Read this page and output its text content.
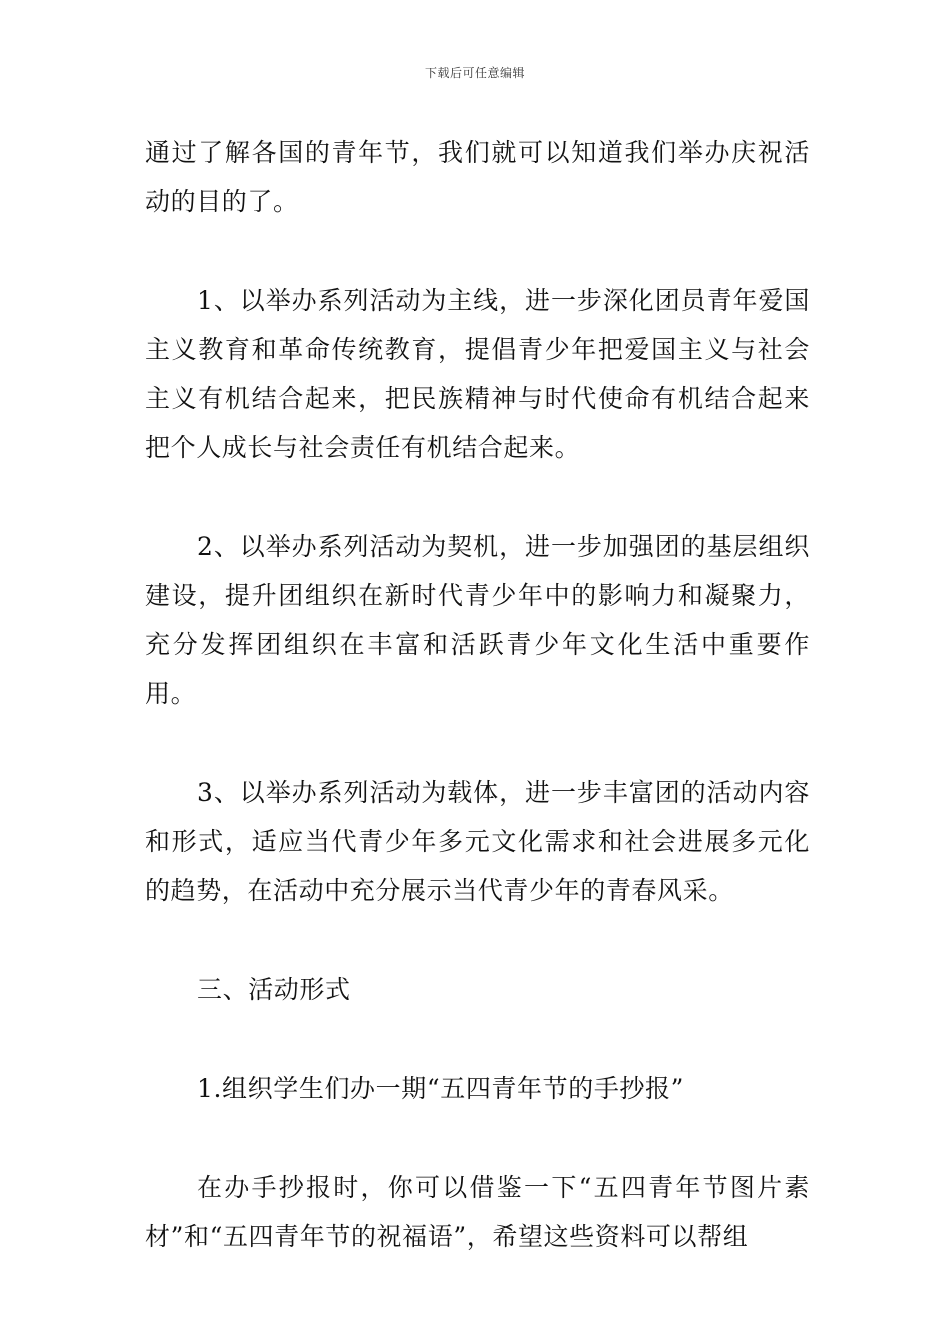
下载后可任意编辑

通过了解各国的青年节，我们就可以知道我们举办庆祝活动的目的了。

1、以举办系列活动为主线，进一步深化团员青年爱国主义教育和革命传统教育，提倡青少年把爱国主义与社会主义有机结合起来，把民族精神与时代使命有机结合起来把个人成长与社会责任有机结合起来。

2、以举办系列活动为契机，进一步加强团的基层组织建设，提升团组织在新时代青少年中的影响力和凝聚力，充分发挥团组织在丰富和活跃青少年文化生活中重要作用。

3、以举办系列活动为载体，进一步丰富团的活动内容和形式，适应当代青少年多元文化需求和社会进展多元化的趋势，在活动中充分展示当代青少年的青春风采。

三、活动形式

1.组织学生们办一期“五四青年节的手抄报”

在办手抄报时，你可以借鉴一下“五四青年节图片素材”和“五四青年节的祝福语”，希望这些资料可以帮组
